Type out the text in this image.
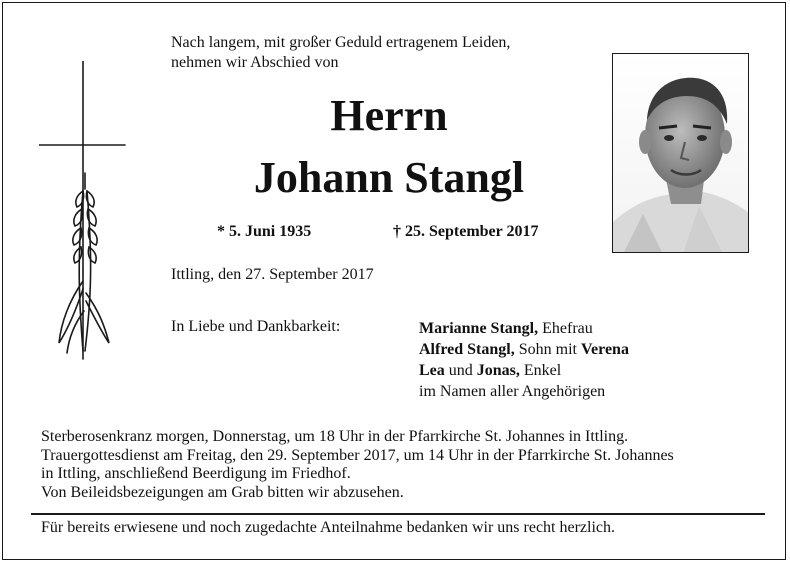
Nach langem, mit großer Geduld ertragenem Leiden,
nehmen wir Abschied von
Herrn
Johann Stangl
* 5. Juni 1935	† 25. September 2017
Ittling, den 27. September 2017
In Liebe und Dankbarkeit:	Marianne Stangl, Ehefrau
Alfred Stangl, Sohn mit Verena
Lea und Jonas, Enkel
im Namen aller Angehörigen
Sterberosenkranz morgen, Donnerstag, um 18 Uhr in der Pfarrkirche St. Johannes in Ittling.
Trauergottesdienst am Freitag, den 29. September 2017, um 14 Uhr in der Pfarrkirche St. Johannes
in Ittling, anschließend Beerdigung im Friedhof.
Von Beileidsbezeigungen am Grab bitten wir abzusehen.
Für bereits erwiesene und noch zugedachte Anteilnahme bedanken wir uns recht herzlich.
